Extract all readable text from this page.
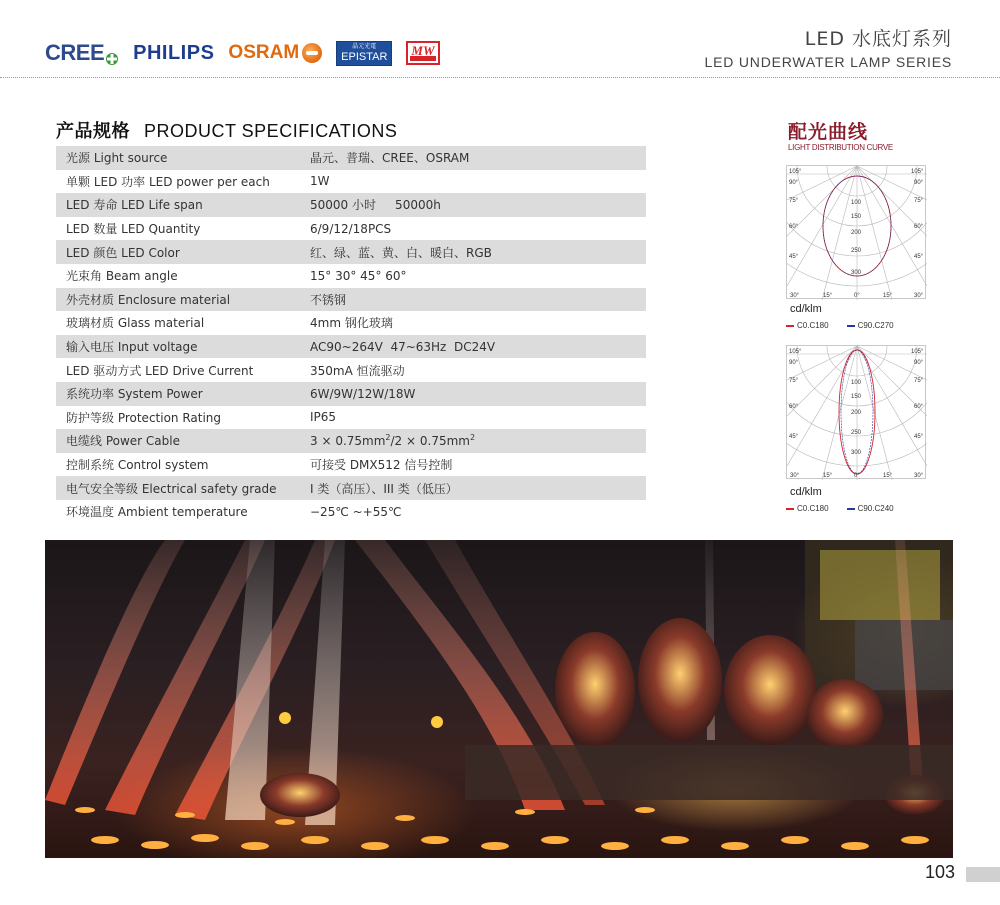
CREE PHILIPS OSRAM	晶元光電
EPISTAR
MW
LED 水底灯系列
LED UNDERWATER LAMP SERIES
产品规格 PRODUCT SPECIFICATIONS
光源 Light source	晶元、普瑞、CREE、OSRAM
单颗 LED 功率 LED power per each	1W
LED 寿命 LED Life span	50000 小时     50000h
LED 数量 LED Quantity	6/9/12/18PCS
LED 颜色 LED Color	红、绿、蓝、黄、白、暖白、RGB
光束角 Beam angle	15° 30° 45° 60°
外壳材质 Enclosure material	不锈钢
玻璃材质 Glass material	4mm 钢化玻璃
输入电压 Input voltage	AC90~264V  47~63Hz  DC24V
LED 驱动方式 LED Drive Current	350mA 恒流驱动
系统功率 System Power	6W/9W/12W/18W
防护等级 Protection Rating	IP65
电缆线 Power Cable	$3 \times 0.75mm^2/2 \times 0.75mm^2$
控制系统 Control system	可接受 DMX512 信号控制
电气安全等级 Electrical safety grade	I 类（高压）、III 类（低压）
环境温度 Ambient temperature	−25℃ ~+55℃
配光曲线
LIGHT DISTRIBUTION CURVE
105°
90°
75°
60°
45°
105°
90°
75°
60°
45°
100
150
200
250
300
30°	15°	0°	15°	30°
cd/klm
C0.C180	C90.C270
105°
90°
75°
60°
45°
105°
90°
75°
60°
45°
100
150
200
250
300
30°	15°	0°	15°	30°
cd/klm
C0.C180	C90.C240
103
